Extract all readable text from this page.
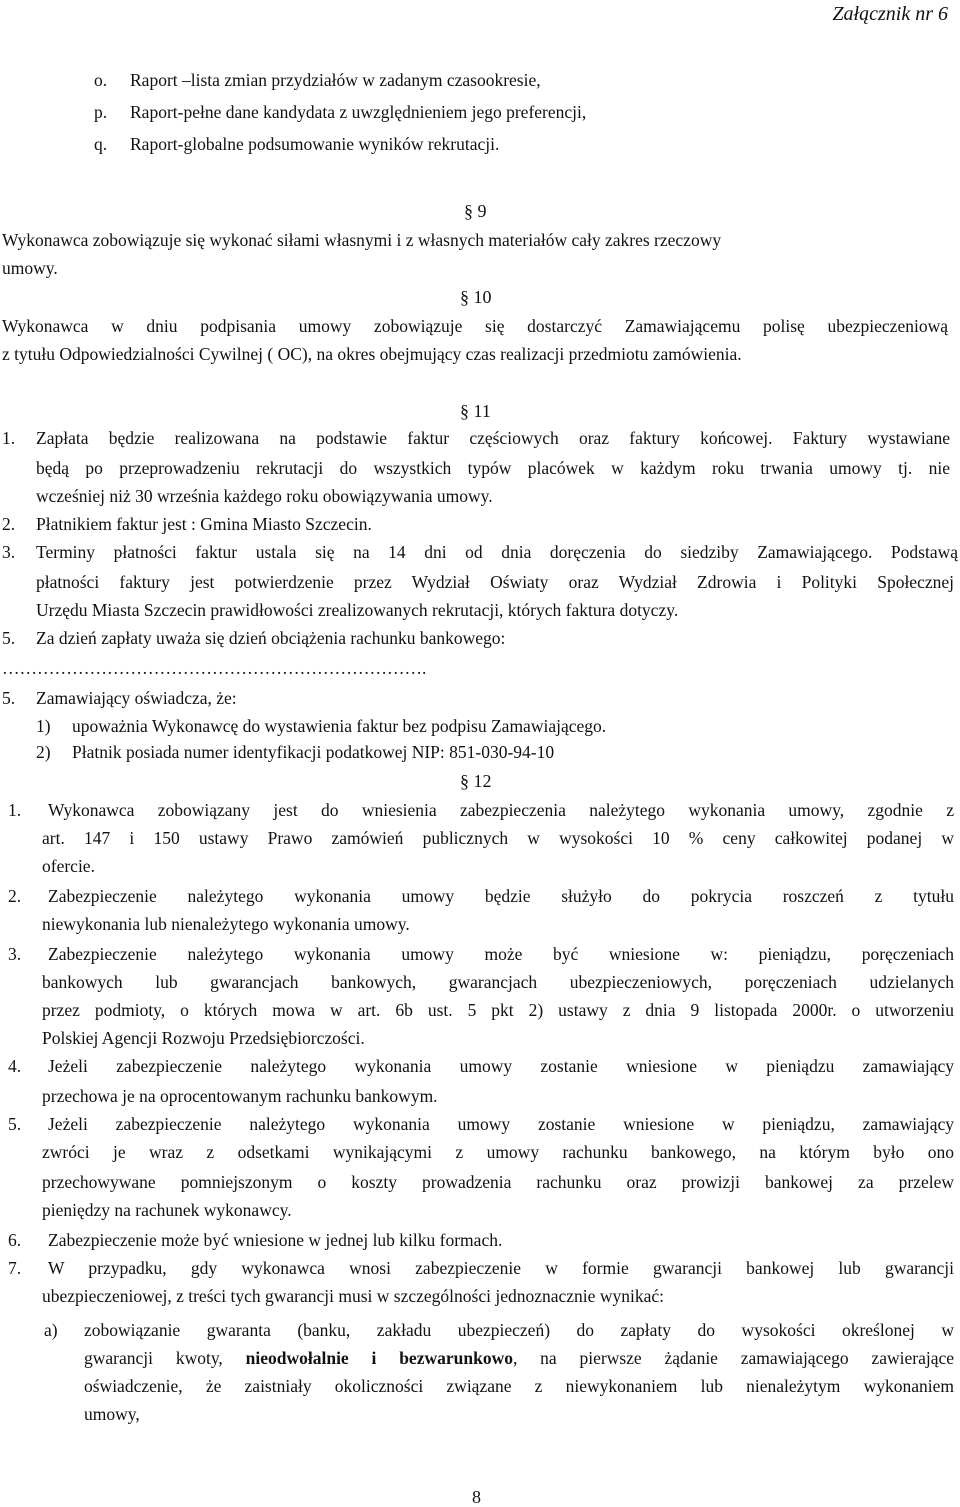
Załącznik nr 6
o. Raport –lista zmian przydziałów w zadanym czasookresie,
p. Raport-pełne dane kandydata z uwzględnieniem jego preferencji,
q. Raport-globalne podsumowanie wyników rekrutacji.
§ 9
Wykonawca zobowiązuje się wykonać siłami własnymi i z własnych materiałów cały zakres rzeczowy
umowy.
§ 10
Wykonawca w dniu podpisania umowy zobowiązuje się dostarczyć Zamawiającemu polisę ubezpieczeniową
z tytułu Odpowiedzialności Cywilnej ( OC), na okres obejmujący czas realizacji przedmiotu zamówienia.
§ 11
1. Zapłata będzie realizowana na podstawie faktur częściowych oraz faktury końcowej. Faktury wystawiane
będą po przeprowadzeniu rekrutacji do wszystkich typów placówek w każdym roku trwania umowy tj. nie
wcześniej niż 30 września każdego roku obowiązywania umowy.
2. Płatnikiem faktur jest : Gmina Miasto Szczecin.
3. Terminy płatności faktur ustala się na 14 dni od dnia doręczenia do siedziby Zamawiającego. Podstawą
płatności faktury jest potwierdzenie przez Wydział Oświaty oraz Wydział Zdrowia i Polityki Społecznej
Urzędu Miasta Szczecin prawidłowości zrealizowanych rekrutacji, których faktura dotyczy.
5. Za dzień zapłaty uważa się dzień obciążenia rachunku bankowego:
……………………………………………………………….
5. Zamawiający oświadcza, że:
1) upoważnia Wykonawcę do wystawienia faktur bez podpisu Zamawiającego.
2) Płatnik posiada numer identyfikacji podatkowej NIP: 851-030-94-10
§ 12
1. Wykonawca zobowiązany jest do wniesienia zabezpieczenia należytego wykonania umowy, zgodnie z
art. 147 i 150 ustawy Prawo zamówień publicznych w wysokości 10 % ceny całkowitej podanej w
ofercie.
2. Zabezpieczenie należytego wykonania umowy będzie służyło do pokrycia roszczeń z tytułu
niewykonania lub nienależytego wykonania umowy.
3. Zabezpieczenie należytego wykonania umowy może być wniesione w: pieniądzu, poręczeniach
bankowych lub gwarancjach bankowych, gwarancjach ubezpieczeniowych, poręczeniach udzielanych
przez podmioty, o których mowa w art. 6b ust. 5 pkt 2) ustawy z dnia 9 listopada 2000r. o utworzeniu
Polskiej Agencji Rozwoju Przedsiębiorczości.
4. Jeżeli zabezpieczenie należytego wykonania umowy zostanie wniesione w pieniądzu zamawiający
przechowa je na oprocentowanym rachunku bankowym.
5. Jeżeli zabezpieczenie należytego wykonania umowy zostanie wniesione w pieniądzu, zamawiający
zwróci je wraz z odsetkami wynikającymi z umowy rachunku bankowego, na którym było ono
przechowywane pomniejszonym o koszty prowadzenia rachunku oraz prowizji bankowej za przelew
pieniędzy na rachunek wykonawcy.
6. Zabezpieczenie może być wniesione w jednej lub kilku formach.
7. W przypadku, gdy wykonawca wnosi zabezpieczenie w formie gwarancji bankowej lub gwarancji
ubezpieczeniowej, z treści tych gwarancji musi w szczególności jednoznacznie wynikać:
a) zobowiązanie gwaranta (banku, zakładu ubezpieczeń) do zapłaty do wysokości określonej w
gwarancji kwoty, nieodwołalnie i bezwarunkowo, na pierwsze żądanie zamawiającego zawierające
oświadczenie, że zaistniały okoliczności związane z niewykonaniem lub nienależytym wykonaniem
umowy,
8
